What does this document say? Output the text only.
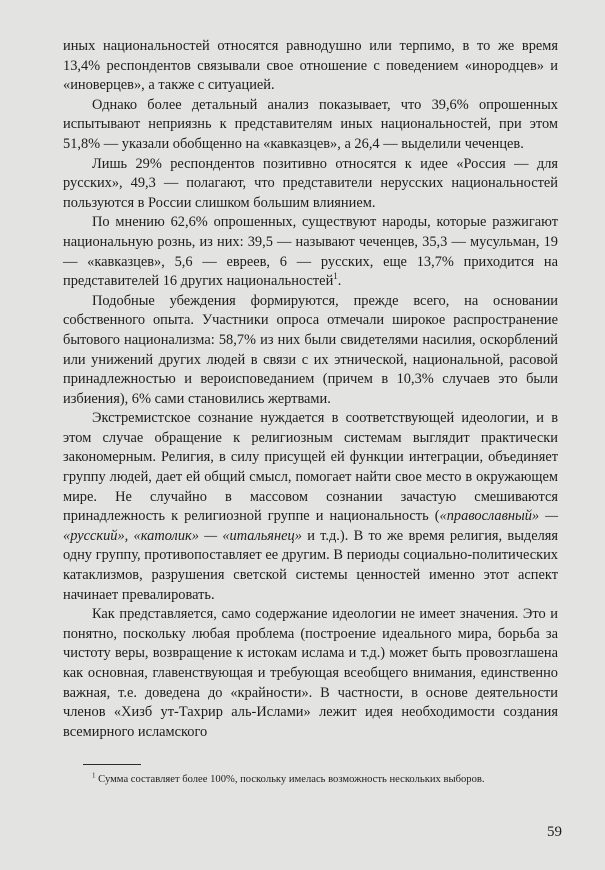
иных национальностей относятся равнодушно или терпимо, в то же время 13,4% респондентов связывали свое отношение с поведением «инородцев» и «иноверцев», а также с ситуацией.

Однако более детальный анализ показывает, что 39,6% опрошенных испытывают неприязнь к представителям иных национальностей, при этом 51,8% — указали обобщенно на «кавказцев», а 26,4 — выделили чеченцев.

Лишь 29% респондентов позитивно относятся к идее «Россия — для русских», 49,3 — полагают, что представители нерусских национальностей пользуются в России слишком большим влиянием.

По мнению 62,6% опрошенных, существуют народы, которые разжигают национальную рознь, из них: 39,5 — называют чеченцев, 35,3 — мусульман, 19 — «кавказцев», 5,6 — евреев, 6 — русских, еще 13,7% приходится на представителей 16 других национальностей$^1$.

Подобные убеждения формируются, прежде всего, на основании собственного опыта. Участники опроса отмечали широкое распространение бытового национализма: 58,7% из них были свидетелями насилия, оскорблений или унижений других людей в связи с их этнической, национальной, расовой принадлежностью и вероисповеданием (причем в 10,3% случаев это были избиения), 6% сами становились жертвами.

Экстремистское сознание нуждается в соответствующей идеологии, и в этом случае обращение к религиозным системам выглядит практически закономерным. Религия, в силу присущей ей функции интеграции, объединяет группу людей, дает ей общий смысл, помогает найти свое место в окружающем мире. Не случайно в массовом сознании зачастую смешиваются принадлежность к религиозной группе и национальность («православный» — «русский», «католик» — «итальянец» и т.д.). В то же время религия, выделяя одну группу, противопоставляет ее другим. В периоды социально-политических катаклизмов, разрушения светской системы ценностей именно этот аспект начинает превалировать.

Как представляется, само содержание идеологии не имеет значения. Это и понятно, поскольку любая проблема (построение идеального мира, борьба за чистоту веры, возвращение к истокам ислама и т.д.) может быть провозглашена как основная, главенствующая и требующая всеобщего внимания, единственно важная, т.е. доведена до «крайности». В частности, в основе деятельности членов «Хизб ут-Тахрир аль-Ислами» лежит идея необходимости создания всемирного исламского

$^1$ Сумма составляет более 100%, поскольку имелась возможность нескольких выборов.

59
